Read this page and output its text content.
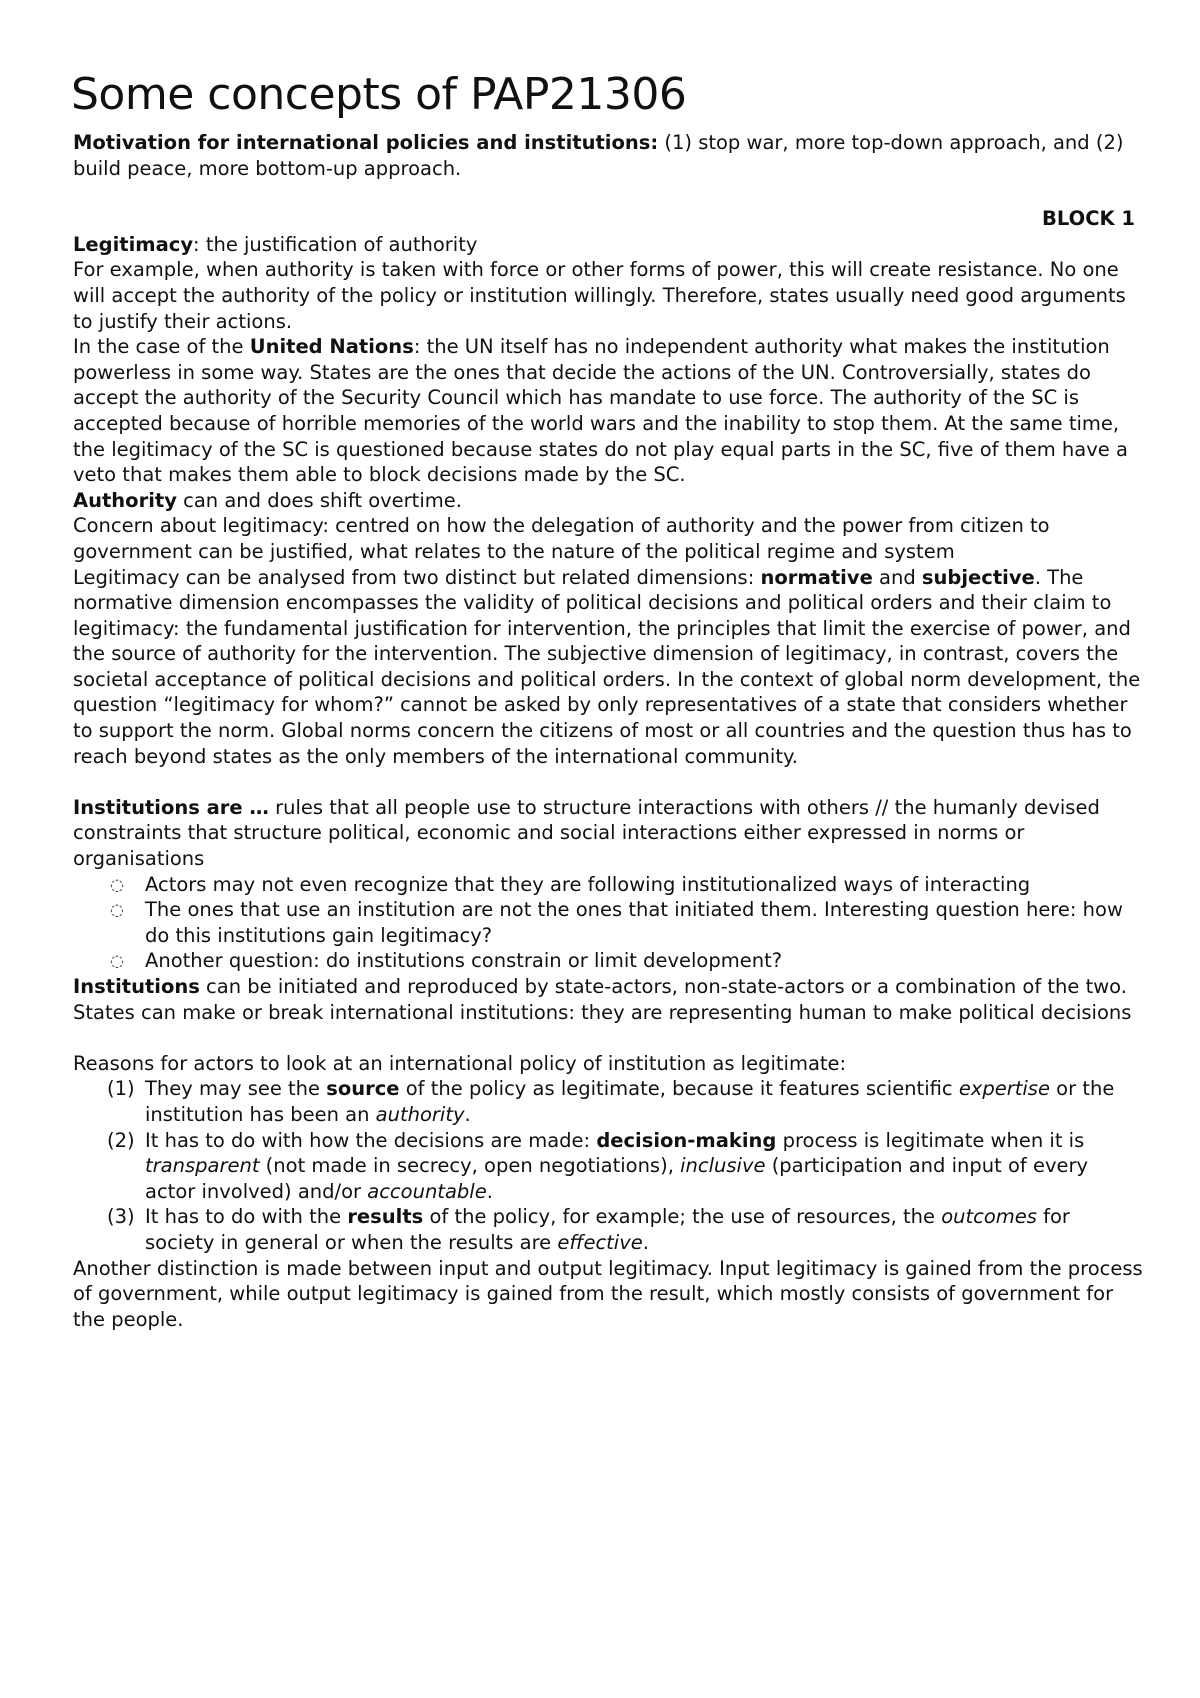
Some concepts of PAP21306

Motivation for international policies and institutions: (1) stop war, more top-down approach, and (2) build peace, more bottom-up approach.

BLOCK 1

Legitimacy: the justification of authority

For example, when authority is taken with force or other forms of power, this will create resistance. No one will accept the authority of the policy or institution willingly. Therefore, states usually need good arguments to justify their actions.

In the case of the United Nations: the UN itself has no independent authority what makes the institution powerless in some way. States are the ones that decide the actions of the UN. Controversially, states do accept the authority of the Security Council which has mandate to use force. The authority of the SC is accepted because of horrible memories of the world wars and the inability to stop them. At the same time, the legitimacy of the SC is questioned because states do not play equal parts in the SC, five of them have a veto that makes them able to block decisions made by the SC.

Authority can and does shift overtime.

Concern about legitimacy: centred on how the delegation of authority and the power from citizen to government can be justified, what relates to the nature of the political regime and system

Legitimacy can be analysed from two distinct but related dimensions: normative and subjective. The normative dimension encompasses the validity of political decisions and political orders and their claim to legitimacy: the fundamental justification for intervention, the principles that limit the exercise of power, and the source of authority for the intervention. The subjective dimension of legitimacy, in contrast, covers the societal acceptance of political decisions and political orders. In the context of global norm development, the question “legitimacy for whom?” cannot be asked by only representatives of a state that considers whether to support the norm. Global norms concern the citizens of most or all countries and the question thus has to reach beyond states as the only members of the international community.

Institutions are … rules that all people use to structure interactions with others // the humanly devised constraints that structure political, economic and social interactions either expressed in norms or organisations

◌ Actors may not even recognize that they are following institutionalized ways of interacting
◌ The ones that use an institution are not the ones that initiated them. Interesting question here: how do this institutions gain legitimacy?
◌ Another question: do institutions constrain or limit development?

Institutions can be initiated and reproduced by state-actors, non-state-actors or a combination of the two.

States can make or break international institutions: they are representing human to make political decisions

Reasons for actors to look at an international policy of institution as legitimate:

(1) They may see the source of the policy as legitimate, because it features scientific expertise or the institution has been an authority.
(2) It has to do with how the decisions are made: decision-making process is legitimate when it is transparent (not made in secrecy, open negotiations), inclusive (participation and input of every actor involved) and/or accountable.
(3) It has to do with the results of the policy, for example; the use of resources, the outcomes for society in general or when the results are effective.

Another distinction is made between input and output legitimacy. Input legitimacy is gained from the process of government, while output legitimacy is gained from the result, which mostly consists of government for the people.
